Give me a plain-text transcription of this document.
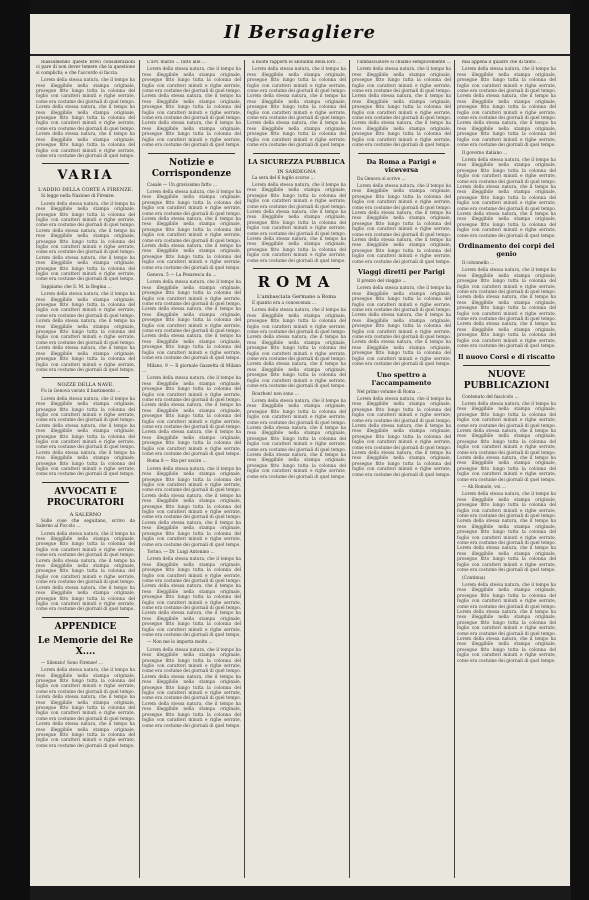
Il Bersagliere
Riassumendo queste brevi considerazioni ci pare di non dover temere che la questione si complichi; e che l'accordo si faccia.
Lorem della stessa natura, che il tempo ha reso illeggibile nella stampa originale, prosegue fitto lungo tutta la colonna del foglio con caratteri minuti e righe serrate, come era costume dei giornali di quel tempo. Lorem della stessa natura, che il tempo ha reso illeggibile nella stampa originale, prosegue fitto lungo tutta la colonna del foglio con caratteri minuti e righe serrate, come era costume dei giornali di quel tempo. Lorem della stessa natura, che il tempo ha reso illeggibile nella stampa originale, prosegue fitto lungo tutta la colonna del foglio con caratteri minuti e righe serrate, come era costume dei giornali di quel tempo.
VARIA
L'ADDIO DELLA CORTE A FIRENZE.
Si legge nella Nazione di Firenze:
Lorem della stessa natura, che il tempo ha reso illeggibile nella stampa originale, prosegue fitto lungo tutta la colonna del foglio con caratteri minuti e righe serrate, come era costume dei giornali di quel tempo. Lorem della stessa natura, che il tempo ha reso illeggibile nella stampa originale, prosegue fitto lungo tutta la colonna del foglio con caratteri minuti e righe serrate, come era costume dei giornali di quel tempo. Lorem della stessa natura, che il tempo ha reso illeggibile nella stampa originale, prosegue fitto lungo tutta la colonna del foglio con caratteri minuti e righe serrate, come era costume dei giornali di quel tempo.
Sappiamo che S. M. la Regina ...
Lorem della stessa natura, che il tempo ha reso illeggibile nella stampa originale, prosegue fitto lungo tutta la colonna del foglio con caratteri minuti e righe serrate, come era costume dei giornali di quel tempo. Lorem della stessa natura, che il tempo ha reso illeggibile nella stampa originale, prosegue fitto lungo tutta la colonna del foglio con caratteri minuti e righe serrate, come era costume dei giornali di quel tempo. Lorem della stessa natura, che il tempo ha reso illeggibile nella stampa originale, prosegue fitto lungo tutta la colonna del foglio con caratteri minuti e righe serrate, come era costume dei giornali di quel tempo.
NOZZE DELLA NAVE.
Fu in Genova varato il bastimento ...
Lorem della stessa natura, che il tempo ha reso illeggibile nella stampa originale, prosegue fitto lungo tutta la colonna del foglio con caratteri minuti e righe serrate, come era costume dei giornali di quel tempo. Lorem della stessa natura, che il tempo ha reso illeggibile nella stampa originale, prosegue fitto lungo tutta la colonna del foglio con caratteri minuti e righe serrate, come era costume dei giornali di quel tempo. Lorem della stessa natura, che il tempo ha reso illeggibile nella stampa originale, prosegue fitto lungo tutta la colonna del foglio con caratteri minuti e righe serrate, come era costume dei giornali di quel tempo.
AVVOCATI E PROCURATORI
A SALERNO
Sulle cose che seguitano, scrivo da Salerno al Piccolo ...
Lorem della stessa natura, che il tempo ha reso illeggibile nella stampa originale, prosegue fitto lungo tutta la colonna del foglio con caratteri minuti e righe serrate, come era costume dei giornali di quel tempo. Lorem della stessa natura, che il tempo ha reso illeggibile nella stampa originale, prosegue fitto lungo tutta la colonna del foglio con caratteri minuti e righe serrate, come era costume dei giornali di quel tempo. Lorem della stessa natura, che il tempo ha reso illeggibile nella stampa originale, prosegue fitto lungo tutta la colonna del foglio con caratteri minuti e righe serrate, come era costume dei giornali di quel tempo.
APPENDICE
Le Memorie del Re X....
— Silenzio! Sono Firenze! ...
Lorem della stessa natura, che il tempo ha reso illeggibile nella stampa originale, prosegue fitto lungo tutta la colonna del foglio con caratteri minuti e righe serrate, come era costume dei giornali di quel tempo. Lorem della stessa natura, che il tempo ha reso illeggibile nella stampa originale, prosegue fitto lungo tutta la colonna del foglio con caratteri minuti e righe serrate, come era costume dei giornali di quel tempo. Lorem della stessa natura, che il tempo ha reso illeggibile nella stampa originale, prosegue fitto lungo tutta la colonna del foglio con caratteri minuti e righe serrate, come era costume dei giornali di quel tempo.
L'avv. marzo ... fatto alle ...
Lorem della stessa natura, che il tempo ha reso illeggibile nella stampa originale, prosegue fitto lungo tutta la colonna del foglio con caratteri minuti e righe serrate, come era costume dei giornali di quel tempo. Lorem della stessa natura, che il tempo ha reso illeggibile nella stampa originale, prosegue fitto lungo tutta la colonna del foglio con caratteri minuti e righe serrate, come era costume dei giornali di quel tempo. Lorem della stessa natura, che il tempo ha reso illeggibile nella stampa originale, prosegue fitto lungo tutta la colonna del foglio con caratteri minuti e righe serrate, come era costume dei giornali di quel tempo.
Notizie e Corrispondenze
Casale — Un gravissimo fatto ...
Lorem della stessa natura, che il tempo ha reso illeggibile nella stampa originale, prosegue fitto lungo tutta la colonna del foglio con caratteri minuti e righe serrate, come era costume dei giornali di quel tempo. Lorem della stessa natura, che il tempo ha reso illeggibile nella stampa originale, prosegue fitto lungo tutta la colonna del foglio con caratteri minuti e righe serrate, come era costume dei giornali di quel tempo. Lorem della stessa natura, che il tempo ha reso illeggibile nella stampa originale, prosegue fitto lungo tutta la colonna del foglio con caratteri minuti e righe serrate, come era costume dei giornali di quel tempo.
Genova. 5 — La Pesaresca da ...
Lorem della stessa natura, che il tempo ha reso illeggibile nella stampa originale, prosegue fitto lungo tutta la colonna del foglio con caratteri minuti e righe serrate, come era costume dei giornali di quel tempo. Lorem della stessa natura, che il tempo ha reso illeggibile nella stampa originale, prosegue fitto lungo tutta la colonna del foglio con caratteri minuti e righe serrate, come era costume dei giornali di quel tempo. Lorem della stessa natura, che il tempo ha reso illeggibile nella stampa originale, prosegue fitto lungo tutta la colonna del foglio con caratteri minuti e righe serrate, come era costume dei giornali di quel tempo.
Milano. 9 — Il giornale Gazzetta di Milano ...
Lorem della stessa natura, che il tempo ha reso illeggibile nella stampa originale, prosegue fitto lungo tutta la colonna del foglio con caratteri minuti e righe serrate, come era costume dei giornali di quel tempo. Lorem della stessa natura, che il tempo ha reso illeggibile nella stampa originale, prosegue fitto lungo tutta la colonna del foglio con caratteri minuti e righe serrate, come era costume dei giornali di quel tempo. Lorem della stessa natura, che il tempo ha reso illeggibile nella stampa originale, prosegue fitto lungo tutta la colonna del foglio con caratteri minuti e righe serrate, come era costume dei giornali di quel tempo.
Roma 8 — Sta per uscire ...
Lorem della stessa natura, che il tempo ha reso illeggibile nella stampa originale, prosegue fitto lungo tutta la colonna del foglio con caratteri minuti e righe serrate, come era costume dei giornali di quel tempo. Lorem della stessa natura, che il tempo ha reso illeggibile nella stampa originale, prosegue fitto lungo tutta la colonna del foglio con caratteri minuti e righe serrate, come era costume dei giornali di quel tempo. Lorem della stessa natura, che il tempo ha reso illeggibile nella stampa originale, prosegue fitto lungo tutta la colonna del foglio con caratteri minuti e righe serrate, come era costume dei giornali di quel tempo.
Torino. — Dr. Luigi Antonino ...
Lorem della stessa natura, che il tempo ha reso illeggibile nella stampa originale, prosegue fitto lungo tutta la colonna del foglio con caratteri minuti e righe serrate, come era costume dei giornali di quel tempo. Lorem della stessa natura, che il tempo ha reso illeggibile nella stampa originale, prosegue fitto lungo tutta la colonna del foglio con caratteri minuti e righe serrate, come era costume dei giornali di quel tempo. Lorem della stessa natura, che il tempo ha reso illeggibile nella stampa originale, prosegue fitto lungo tutta la colonna del foglio con caratteri minuti e righe serrate, come era costume dei giornali di quel tempo.
— Non me lo importa molto ...
Lorem della stessa natura, che il tempo ha reso illeggibile nella stampa originale, prosegue fitto lungo tutta la colonna del foglio con caratteri minuti e righe serrate, come era costume dei giornali di quel tempo. Lorem della stessa natura, che il tempo ha reso illeggibile nella stampa originale, prosegue fitto lungo tutta la colonna del foglio con caratteri minuti e righe serrate, come era costume dei giornali di quel tempo. Lorem della stessa natura, che il tempo ha reso illeggibile nella stampa originale, prosegue fitto lungo tutta la colonna del foglio con caratteri minuti e righe serrate, come era costume dei giornali di quel tempo.
a molte rapporti le abitudini della loro ...
Lorem della stessa natura, che il tempo ha reso illeggibile nella stampa originale, prosegue fitto lungo tutta la colonna del foglio con caratteri minuti e righe serrate, come era costume dei giornali di quel tempo. Lorem della stessa natura, che il tempo ha reso illeggibile nella stampa originale, prosegue fitto lungo tutta la colonna del foglio con caratteri minuti e righe serrate, come era costume dei giornali di quel tempo. Lorem della stessa natura, che il tempo ha reso illeggibile nella stampa originale, prosegue fitto lungo tutta la colonna del foglio con caratteri minuti e righe serrate, come era costume dei giornali di quel tempo.
LA SICUREZZA PUBBLICA
IN SARDEGNA
La sera del 6 luglio scorso ...
Lorem della stessa natura, che il tempo ha reso illeggibile nella stampa originale, prosegue fitto lungo tutta la colonna del foglio con caratteri minuti e righe serrate, come era costume dei giornali di quel tempo. Lorem della stessa natura, che il tempo ha reso illeggibile nella stampa originale, prosegue fitto lungo tutta la colonna del foglio con caratteri minuti e righe serrate, come era costume dei giornali di quel tempo. Lorem della stessa natura, che il tempo ha reso illeggibile nella stampa originale, prosegue fitto lungo tutta la colonna del foglio con caratteri minuti e righe serrate, come era costume dei giornali di quel tempo.
ROMA
L'ambasciata Germano a Roma
E quanto era a conoscenza ...
Lorem della stessa natura, che il tempo ha reso illeggibile nella stampa originale, prosegue fitto lungo tutta la colonna del foglio con caratteri minuti e righe serrate, come era costume dei giornali di quel tempo. Lorem della stessa natura, che il tempo ha reso illeggibile nella stampa originale, prosegue fitto lungo tutta la colonna del foglio con caratteri minuti e righe serrate, come era costume dei giornali di quel tempo. Lorem della stessa natura, che il tempo ha reso illeggibile nella stampa originale, prosegue fitto lungo tutta la colonna del foglio con caratteri minuti e righe serrate, come era costume dei giornali di quel tempo.
Bourbon! non sono ...
Lorem della stessa natura, che il tempo ha reso illeggibile nella stampa originale, prosegue fitto lungo tutta la colonna del foglio con caratteri minuti e righe serrate, come era costume dei giornali di quel tempo. Lorem della stessa natura, che il tempo ha reso illeggibile nella stampa originale, prosegue fitto lungo tutta la colonna del foglio con caratteri minuti e righe serrate, come era costume dei giornali di quel tempo. Lorem della stessa natura, che il tempo ha reso illeggibile nella stampa originale, prosegue fitto lungo tutta la colonna del foglio con caratteri minuti e righe serrate, come era costume dei giornali di quel tempo.
l'ambasciatore si chiamò semplicemente ...
Lorem della stessa natura, che il tempo ha reso illeggibile nella stampa originale, prosegue fitto lungo tutta la colonna del foglio con caratteri minuti e righe serrate, come era costume dei giornali di quel tempo. Lorem della stessa natura, che il tempo ha reso illeggibile nella stampa originale, prosegue fitto lungo tutta la colonna del foglio con caratteri minuti e righe serrate, come era costume dei giornali di quel tempo. Lorem della stessa natura, che il tempo ha reso illeggibile nella stampa originale, prosegue fitto lungo tutta la colonna del foglio con caratteri minuti e righe serrate, come era costume dei giornali di quel tempo.
Da Roma a Parigi e viceversa
Da Genova si scrive ...
Lorem della stessa natura, che il tempo ha reso illeggibile nella stampa originale, prosegue fitto lungo tutta la colonna del foglio con caratteri minuti e righe serrate, come era costume dei giornali di quel tempo. Lorem della stessa natura, che il tempo ha reso illeggibile nella stampa originale, prosegue fitto lungo tutta la colonna del foglio con caratteri minuti e righe serrate, come era costume dei giornali di quel tempo. Lorem della stessa natura, che il tempo ha reso illeggibile nella stampa originale, prosegue fitto lungo tutta la colonna del foglio con caratteri minuti e righe serrate, come era costume dei giornali di quel tempo.
Viaggi diretti per Parigi
Il prezzo del viaggio ...
Lorem della stessa natura, che il tempo ha reso illeggibile nella stampa originale, prosegue fitto lungo tutta la colonna del foglio con caratteri minuti e righe serrate, come era costume dei giornali di quel tempo. Lorem della stessa natura, che il tempo ha reso illeggibile nella stampa originale, prosegue fitto lungo tutta la colonna del foglio con caratteri minuti e righe serrate, come era costume dei giornali di quel tempo. Lorem della stessa natura, che il tempo ha reso illeggibile nella stampa originale, prosegue fitto lungo tutta la colonna del foglio con caratteri minuti e righe serrate, come era costume dei giornali di quel tempo.
Uno spettro a l'accampamento
Nel primo volume di Roma ...
Lorem della stessa natura, che il tempo ha reso illeggibile nella stampa originale, prosegue fitto lungo tutta la colonna del foglio con caratteri minuti e righe serrate, come era costume dei giornali di quel tempo. Lorem della stessa natura, che il tempo ha reso illeggibile nella stampa originale, prosegue fitto lungo tutta la colonna del foglio con caratteri minuti e righe serrate, come era costume dei giornali di quel tempo. Lorem della stessa natura, che il tempo ha reso illeggibile nella stampa originale, prosegue fitto lungo tutta la colonna del foglio con caratteri minuti e righe serrate, come era costume dei giornali di quel tempo.
mai appena il quadro che di tanto ...
Lorem della stessa natura, che il tempo ha reso illeggibile nella stampa originale, prosegue fitto lungo tutta la colonna del foglio con caratteri minuti e righe serrate, come era costume dei giornali di quel tempo. Lorem della stessa natura, che il tempo ha reso illeggibile nella stampa originale, prosegue fitto lungo tutta la colonna del foglio con caratteri minuti e righe serrate, come era costume dei giornali di quel tempo. Lorem della stessa natura, che il tempo ha reso illeggibile nella stampa originale, prosegue fitto lungo tutta la colonna del foglio con caratteri minuti e righe serrate, come era costume dei giornali di quel tempo.
Il governo italiano ...
Lorem della stessa natura, che il tempo ha reso illeggibile nella stampa originale, prosegue fitto lungo tutta la colonna del foglio con caratteri minuti e righe serrate, come era costume dei giornali di quel tempo. Lorem della stessa natura, che il tempo ha reso illeggibile nella stampa originale, prosegue fitto lungo tutta la colonna del foglio con caratteri minuti e righe serrate, come era costume dei giornali di quel tempo. Lorem della stessa natura, che il tempo ha reso illeggibile nella stampa originale, prosegue fitto lungo tutta la colonna del foglio con caratteri minuti e righe serrate, come era costume dei giornali di quel tempo.
Ordinamento dei corpi del genio
Il colonnello ...
Lorem della stessa natura, che il tempo ha reso illeggibile nella stampa originale, prosegue fitto lungo tutta la colonna del foglio con caratteri minuti e righe serrate, come era costume dei giornali di quel tempo. Lorem della stessa natura, che il tempo ha reso illeggibile nella stampa originale, prosegue fitto lungo tutta la colonna del foglio con caratteri minuti e righe serrate, come era costume dei giornali di quel tempo. Lorem della stessa natura, che il tempo ha reso illeggibile nella stampa originale, prosegue fitto lungo tutta la colonna del foglio con caratteri minuti e righe serrate, come era costume dei giornali di quel tempo.
Il nuovo Corsi e di riscatto
NUOVE PUBBLICAZIONI
Contenuto del fascicolo ...
Lorem della stessa natura, che il tempo ha reso illeggibile nella stampa originale, prosegue fitto lungo tutta la colonna del foglio con caratteri minuti e righe serrate, come era costume dei giornali di quel tempo. Lorem della stessa natura, che il tempo ha reso illeggibile nella stampa originale, prosegue fitto lungo tutta la colonna del foglio con caratteri minuti e righe serrate, come era costume dei giornali di quel tempo. Lorem della stessa natura, che il tempo ha reso illeggibile nella stampa originale, prosegue fitto lungo tutta la colonna del foglio con caratteri minuti e righe serrate, come era costume dei giornali di quel tempo.
— Ah Romolo, voi ...
Lorem della stessa natura, che il tempo ha reso illeggibile nella stampa originale, prosegue fitto lungo tutta la colonna del foglio con caratteri minuti e righe serrate, come era costume dei giornali di quel tempo. Lorem della stessa natura, che il tempo ha reso illeggibile nella stampa originale, prosegue fitto lungo tutta la colonna del foglio con caratteri minuti e righe serrate, come era costume dei giornali di quel tempo. Lorem della stessa natura, che il tempo ha reso illeggibile nella stampa originale, prosegue fitto lungo tutta la colonna del foglio con caratteri minuti e righe serrate, come era costume dei giornali di quel tempo.
(Continua)
Lorem della stessa natura, che il tempo ha reso illeggibile nella stampa originale, prosegue fitto lungo tutta la colonna del foglio con caratteri minuti e righe serrate, come era costume dei giornali di quel tempo. Lorem della stessa natura, che il tempo ha reso illeggibile nella stampa originale, prosegue fitto lungo tutta la colonna del foglio con caratteri minuti e righe serrate, come era costume dei giornali di quel tempo. Lorem della stessa natura, che il tempo ha reso illeggibile nella stampa originale, prosegue fitto lungo tutta la colonna del foglio con caratteri minuti e righe serrate, come era costume dei giornali di quel tempo.
